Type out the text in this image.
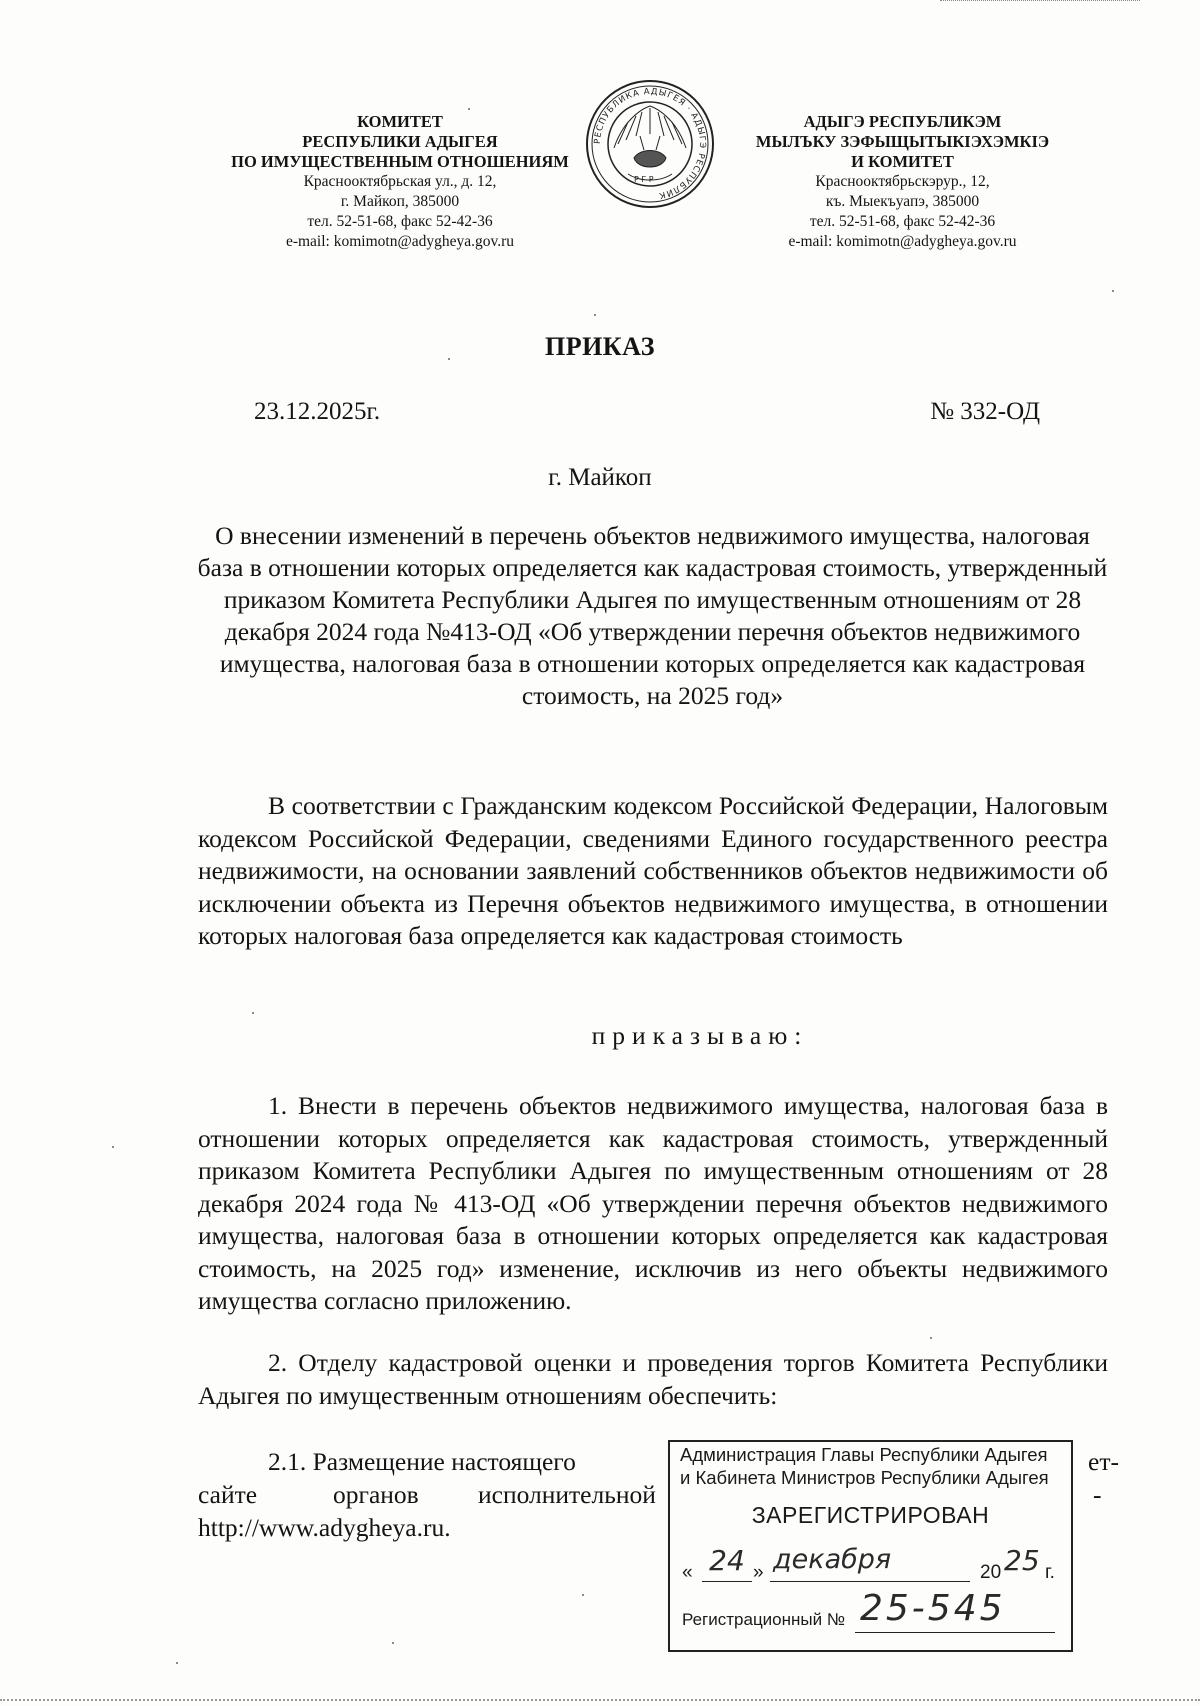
КОМИТЕТ
РЕСПУБЛИКИ АДЫГЕЯ
ПО ИМУЩЕСТВЕННЫМ ОТНОШЕНИЯМ
Краснооктябрьская ул., д. 12,
г. Майкоп, 385000
тел. 52-51-68, факс 52-42-36
e-mail: komimotn@adygheya.gov.ru
РЕСПУБЛИКА АДЫГЕЯ · АДЫГЭ РЕСПУБЛИК
Р Г Р
АДЫГЭ РЕСПУБЛИКЭМ
МЫЛЪКУ ЗЭФЫЩЫТЫКIЭХЭМКIЭ
И КОМИТЕТ
Краснооктябрьскэрур., 12,
къ. Мыекъуапэ, 385000
тел. 52-51-68, факс 52-42-36
e-mail: komimotn@adygheya.gov.ru
ПРИКАЗ
23.12.2025г.	№ 332-ОД
г. Майкоп
О внесении изменений в перечень объектов недвижимого имущества, налоговая база в отношении которых определяется как кадастровая стоимость, утвержденный приказом Комитета Республики Адыгея по имущественным отношениям от 28 декабря 2024 года №413-ОД «Об утверждении перечня объектов недвижимого имущества, налоговая база в отношении которых определяется как кадастровая стоимость, на 2025 год»
В соответствии с Гражданским кодексом Российской Федерации, Налоговым кодексом Российской Федерации, сведениями Единого государственного реестра недвижимости, на основании заявлений собственников объектов недвижимости об исключении объекта из Перечня объектов недвижимого имущества, в отношении которых налоговая база определяется как кадастровая стоимость
приказываю:
1. Внести в перечень объектов недвижимого имущества, налоговая база в отношении которых определяется как кадастровая стоимость, утвержденный приказом Комитета Республики Адыгея по имущественным отношениям от 28 декабря 2024 года № 413-ОД «Об утверждении перечня объектов недвижимого имущества, налоговая база в отношении которых определяется как кадастровая стоимость, на 2025 год» изменение, исключив из него объекты недвижимого имущества согласно приложению.
2. Отделу кадастровой оценки и проведения торгов Комитета Республики Адыгея по имущественным отношениям обеспечить:
2.1. Размещение настоящего	ет-
сайте	органов исполнительной	-
http://www.adygheya.ru.
Администрация Главы Республики Адыгея
и Кабинета Министров Республики Адыгея
ЗАРЕГИСТРИРОВАН
« 24 » декабря	20 25 г.
Регистрационный № 25-545
